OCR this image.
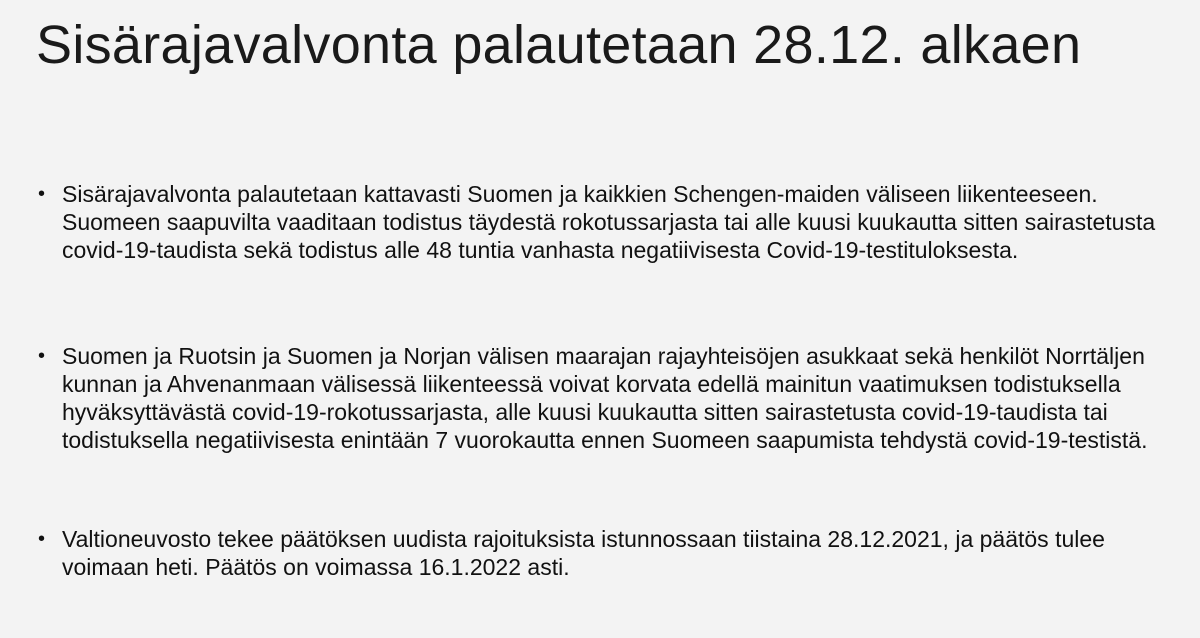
Sisärajavalvonta palautetaan 28.12. alkaen
• Sisärajavalvonta palautetaan kattavasti Suomen ja kaikkien Schengen-maiden väliseen liikenteeseen. Suomeen saapuvilta vaaditaan todistus täydestä rokotussarjasta tai alle kuusi kuukautta sitten sairastetusta covid-19-taudista sekä todistus alle 48 tuntia vanhasta negatiivisesta Covid-19-testituloksesta.
• Suomen ja Ruotsin ja Suomen ja Norjan välisen maarajan rajayhteisöjen asukkaat sekä henkilöt Norrtäljen kunnan ja Ahvenanmaan välisessä liikenteessä voivat korvata edellä mainitun vaatimuksen todistuksella hyväksyttävästä covid-19-rokotussarjasta, alle kuusi kuukautta sitten sairastetusta covid-19-taudista tai todistuksella negatiivisesta enintään 7 vuorokautta ennen Suomeen saapumista tehdystä covid-19-testistä.
• Valtioneuvosto tekee päätöksen uudista rajoituksista istunnossaan tiistaina 28.12.2021, ja päätös tulee voimaan heti. Päätös on voimassa 16.1.2022 asti.
